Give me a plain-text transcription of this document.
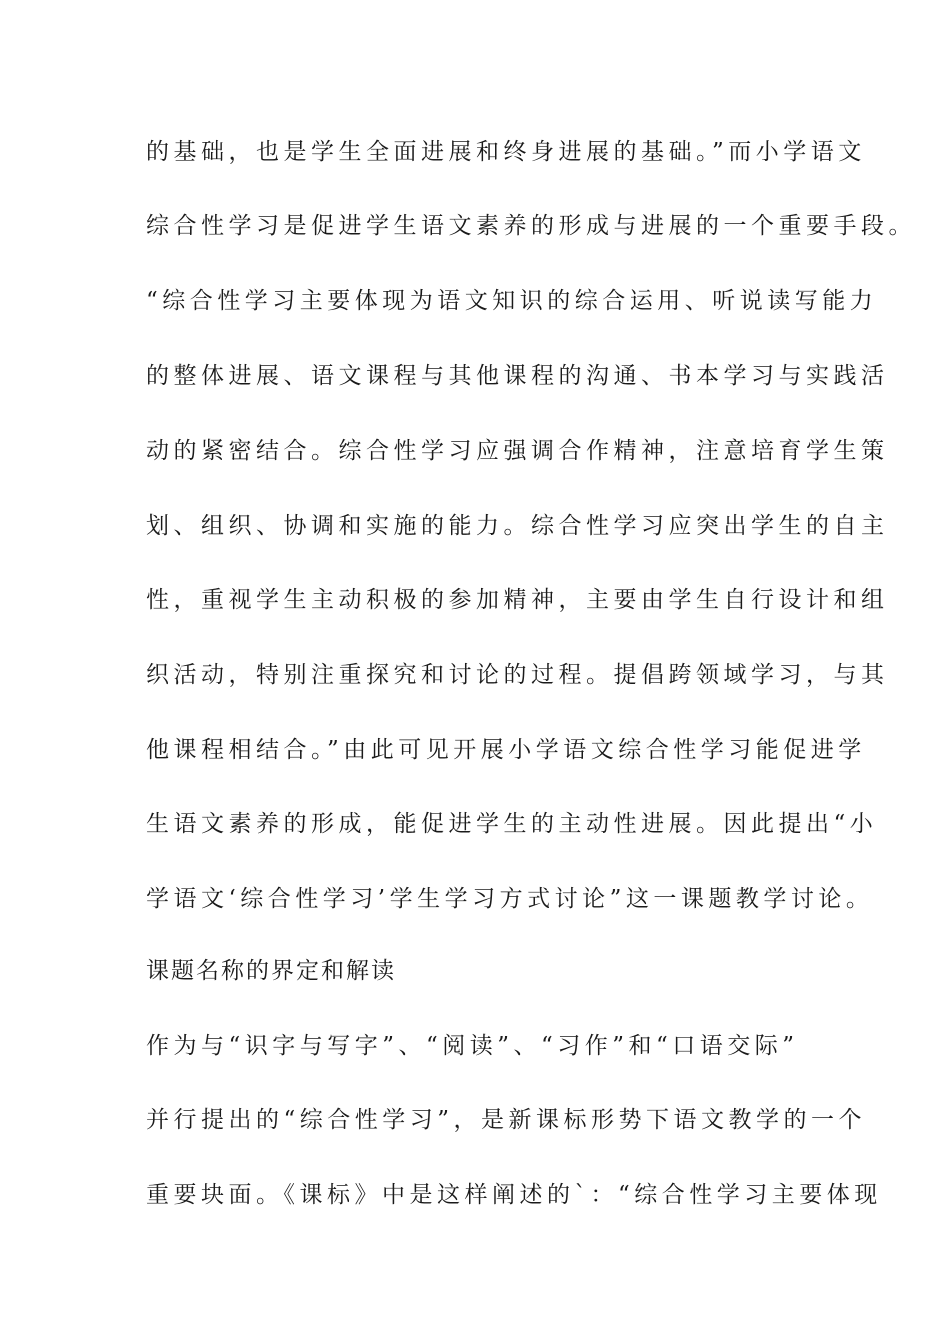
的基础，也是学生全面进展和终身进展的基础。”而小学语文
综合性学习是促进学生语文素养的形成与进展的一个重要手段。
“综合性学习主要体现为语文知识的综合运用、听说读写能力
的整体进展、语文课程与其他课程的沟通、书本学习与实践活
动的紧密结合。综合性学习应强调合作精神，注意培育学生策
划、组织、协调和实施的能力。综合性学习应突出学生的自主
性，重视学生主动积极的参加精神，主要由学生自行设计和组
织活动，特别注重探究和讨论的过程。提倡跨领域学习，与其
他课程相结合。”由此可见开展小学语文综合性学习能促进学
生语文素养的形成，能促进学生的主动性进展。因此提出“小
学语文‘综合性学习’学生学习方式讨论”这一课题教学讨论。
课题名称的界定和解读
作为与“识字与写字”、“阅读”、“习作”和“口语交际”
并行提出的“综合性学习”，是新课标形势下语文教学的一个
重要块面。《课标》中是这样阐述的`：“综合性学习主要体现
